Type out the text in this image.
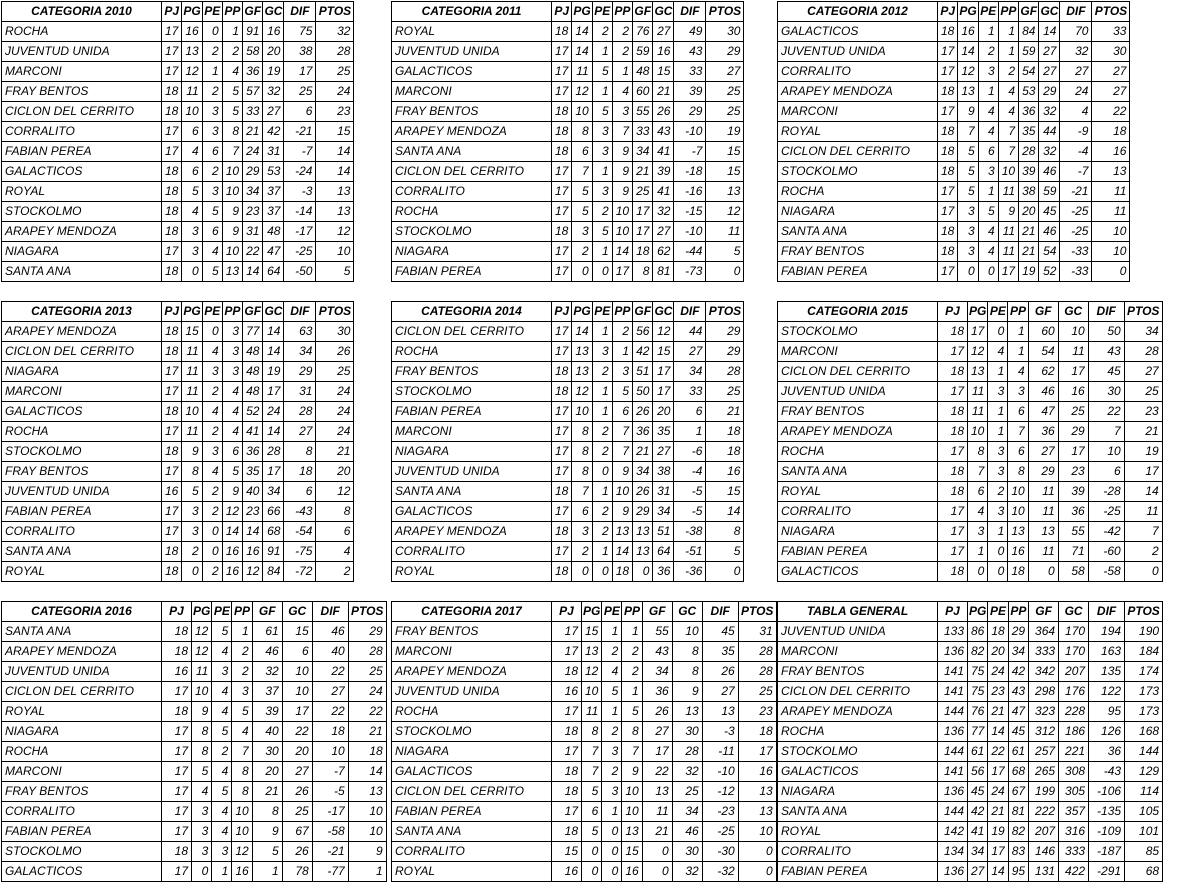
CATEGORIA 2010	PJ	PG	PE	PP	GF	GC	DIF	PTOS
ROCHA	17	16	0	1	91	16	75	32
JUVENTUD UNIDA	17	13	2	2	58	20	38	28
MARCONI	17	12	1	4	36	19	17	25
FRAY BENTOS	18	11	2	5	57	32	25	24
CICLON DEL CERRITO	18	10	3	5	33	27	6	23
CORRALITO	17	6	3	8	21	42	-21	15
FABIAN PEREA	17	4	6	7	24	31	-7	14
GALACTICOS	18	6	2	10	29	53	-24	14
ROYAL	18	5	3	10	34	37	-3	13
STOCKOLMO	18	4	5	9	23	37	-14	13
ARAPEY MENDOZA	18	3	6	9	31	48	-17	12
NIAGARA	17	3	4	10	22	47	-25	10
SANTA ANA	18	0	5	13	14	64	-50	5
CATEGORIA 2011	PJ	PG	PE	PP	GF	GC	DIF	PTOS
ROYAL	18	14	2	2	76	27	49	30
JUVENTUD UNIDA	17	14	1	2	59	16	43	29
GALACTICOS	17	11	5	1	48	15	33	27
MARCONI	17	12	1	4	60	21	39	25
FRAY BENTOS	18	10	5	3	55	26	29	25
ARAPEY MENDOZA	18	8	3	7	33	43	-10	19
SANTA ANA	18	6	3	9	34	41	-7	15
CICLON DEL CERRITO	17	7	1	9	21	39	-18	15
CORRALITO	17	5	3	9	25	41	-16	13
ROCHA	17	5	2	10	17	32	-15	12
STOCKOLMO	18	3	5	10	17	27	-10	11
NIAGARA	17	2	1	14	18	62	-44	5
FABIAN PEREA	17	0	0	17	8	81	-73	0
CATEGORIA 2012	PJ	PG	PE	PP	GF	GC	DIF	PTOS
GALACTICOS	18	16	1	1	84	14	70	33
JUVENTUD UNIDA	17	14	2	1	59	27	32	30
CORRALITO	17	12	3	2	54	27	27	27
ARAPEY MENDOZA	18	13	1	4	53	29	24	27
MARCONI	17	9	4	4	36	32	4	22
ROYAL	18	7	4	7	35	44	-9	18
CICLON DEL CERRITO	18	5	6	7	28	32	-4	16
STOCKOLMO	18	5	3	10	39	46	-7	13
ROCHA	17	5	1	11	38	59	-21	11
NIAGARA	17	3	5	9	20	45	-25	11
SANTA ANA	18	3	4	11	21	46	-25	10
FRAY BENTOS	18	3	4	11	21	54	-33	10
FABIAN PEREA	17	0	0	17	19	52	-33	0
CATEGORIA 2013	PJ	PG	PE	PP	GF	GC	DIF	PTOS
ARAPEY MENDOZA	18	15	0	3	77	14	63	30
CICLON DEL CERRITO	18	11	4	3	48	14	34	26
NIAGARA	17	11	3	3	48	19	29	25
MARCONI	17	11	2	4	48	17	31	24
GALACTICOS	18	10	4	4	52	24	28	24
ROCHA	17	11	2	4	41	14	27	24
STOCKOLMO	18	9	3	6	36	28	8	21
FRAY BENTOS	17	8	4	5	35	17	18	20
JUVENTUD UNIDA	16	5	2	9	40	34	6	12
FABIAN PEREA	17	3	2	12	23	66	-43	8
CORRALITO	17	3	0	14	14	68	-54	6
SANTA ANA	18	2	0	16	16	91	-75	4
ROYAL	18	0	2	16	12	84	-72	2
CATEGORIA 2014	PJ	PG	PE	PP	GF	GC	DIF	PTOS
CICLON DEL CERRITO	17	14	1	2	56	12	44	29
ROCHA	17	13	3	1	42	15	27	29
FRAY BENTOS	18	13	2	3	51	17	34	28
STOCKOLMO	18	12	1	5	50	17	33	25
FABIAN PEREA	17	10	1	6	26	20	6	21
MARCONI	17	8	2	7	36	35	1	18
NIAGARA	17	8	2	7	21	27	-6	18
JUVENTUD UNIDA	17	8	0	9	34	38	-4	16
SANTA ANA	18	7	1	10	26	31	-5	15
GALACTICOS	17	6	2	9	29	34	-5	14
ARAPEY MENDOZA	18	3	2	13	13	51	-38	8
CORRALITO	17	2	1	14	13	64	-51	5
ROYAL	18	0	0	18	0	36	-36	0
CATEGORIA 2015	PJ	PG	PE	PP	GF	GC	DIF	PTOS
STOCKOLMO	18	17	0	1	60	10	50	34
MARCONI	17	12	4	1	54	11	43	28
CICLON DEL CERRITO	18	13	1	4	62	17	45	27
JUVENTUD UNIDA	17	11	3	3	46	16	30	25
FRAY BENTOS	18	11	1	6	47	25	22	23
ARAPEY MENDOZA	18	10	1	7	36	29	7	21
ROCHA	17	8	3	6	27	17	10	19
SANTA ANA	18	7	3	8	29	23	6	17
ROYAL	18	6	2	10	11	39	-28	14
CORRALITO	17	4	3	10	11	36	-25	11
NIAGARA	17	3	1	13	13	55	-42	7
FABIAN PEREA	17	1	0	16	11	71	-60	2
GALACTICOS	18	0	0	18	0	58	-58	0
CATEGORIA 2016	PJ	PG	PE	PP	GF	GC	DIF	PTOS
SANTA ANA	18	12	5	1	61	15	46	29
ARAPEY MENDOZA	18	12	4	2	46	6	40	28
JUVENTUD UNIDA	16	11	3	2	32	10	22	25
CICLON DEL CERRITO	17	10	4	3	37	10	27	24
ROYAL	18	9	4	5	39	17	22	22
NIAGARA	17	8	5	4	40	22	18	21
ROCHA	17	8	2	7	30	20	10	18
MARCONI	17	5	4	8	20	27	-7	14
FRAY BENTOS	17	4	5	8	21	26	-5	13
CORRALITO	17	3	4	10	8	25	-17	10
FABIAN PEREA	17	3	4	10	9	67	-58	10
STOCKOLMO	18	3	3	12	5	26	-21	9
GALACTICOS	17	0	1	16	1	78	-77	1
CATEGORIA 2017	PJ	PG	PE	PP	GF	GC	DIF	PTOS
FRAY BENTOS	17	15	1	1	55	10	45	31
MARCONI	17	13	2	2	43	8	35	28
ARAPEY MENDOZA	18	12	4	2	34	8	26	28
JUVENTUD UNIDA	16	10	5	1	36	9	27	25
ROCHA	17	11	1	5	26	13	13	23
STOCKOLMO	18	8	2	8	27	30	-3	18
NIAGARA	17	7	3	7	17	28	-11	17
GALACTICOS	18	7	2	9	22	32	-10	16
CICLON DEL CERRITO	18	5	3	10	13	25	-12	13
FABIAN PEREA	17	6	1	10	11	34	-23	13
SANTA ANA	18	5	0	13	21	46	-25	10
CORRALITO	15	0	0	15	0	30	-30	0
ROYAL	16	0	0	16	0	32	-32	0
TABLA GENERAL	PJ	PG	PE	PP	GF	GC	DIF	PTOS
JUVENTUD UNIDA	133	86	18	29	364	170	194	190
MARCONI	136	82	20	34	333	170	163	184
FRAY BENTOS	141	75	24	42	342	207	135	174
CICLON DEL CERRITO	141	75	23	43	298	176	122	173
ARAPEY MENDOZA	144	76	21	47	323	228	95	173
ROCHA	136	77	14	45	312	186	126	168
STOCKOLMO	144	61	22	61	257	221	36	144
GALACTICOS	141	56	17	68	265	308	-43	129
NIAGARA	136	45	24	67	199	305	-106	114
SANTA ANA	144	42	21	81	222	357	-135	105
ROYAL	142	41	19	82	207	316	-109	101
CORRALITO	134	34	17	83	146	333	-187	85
FABIAN PEREA	136	27	14	95	131	422	-291	68
